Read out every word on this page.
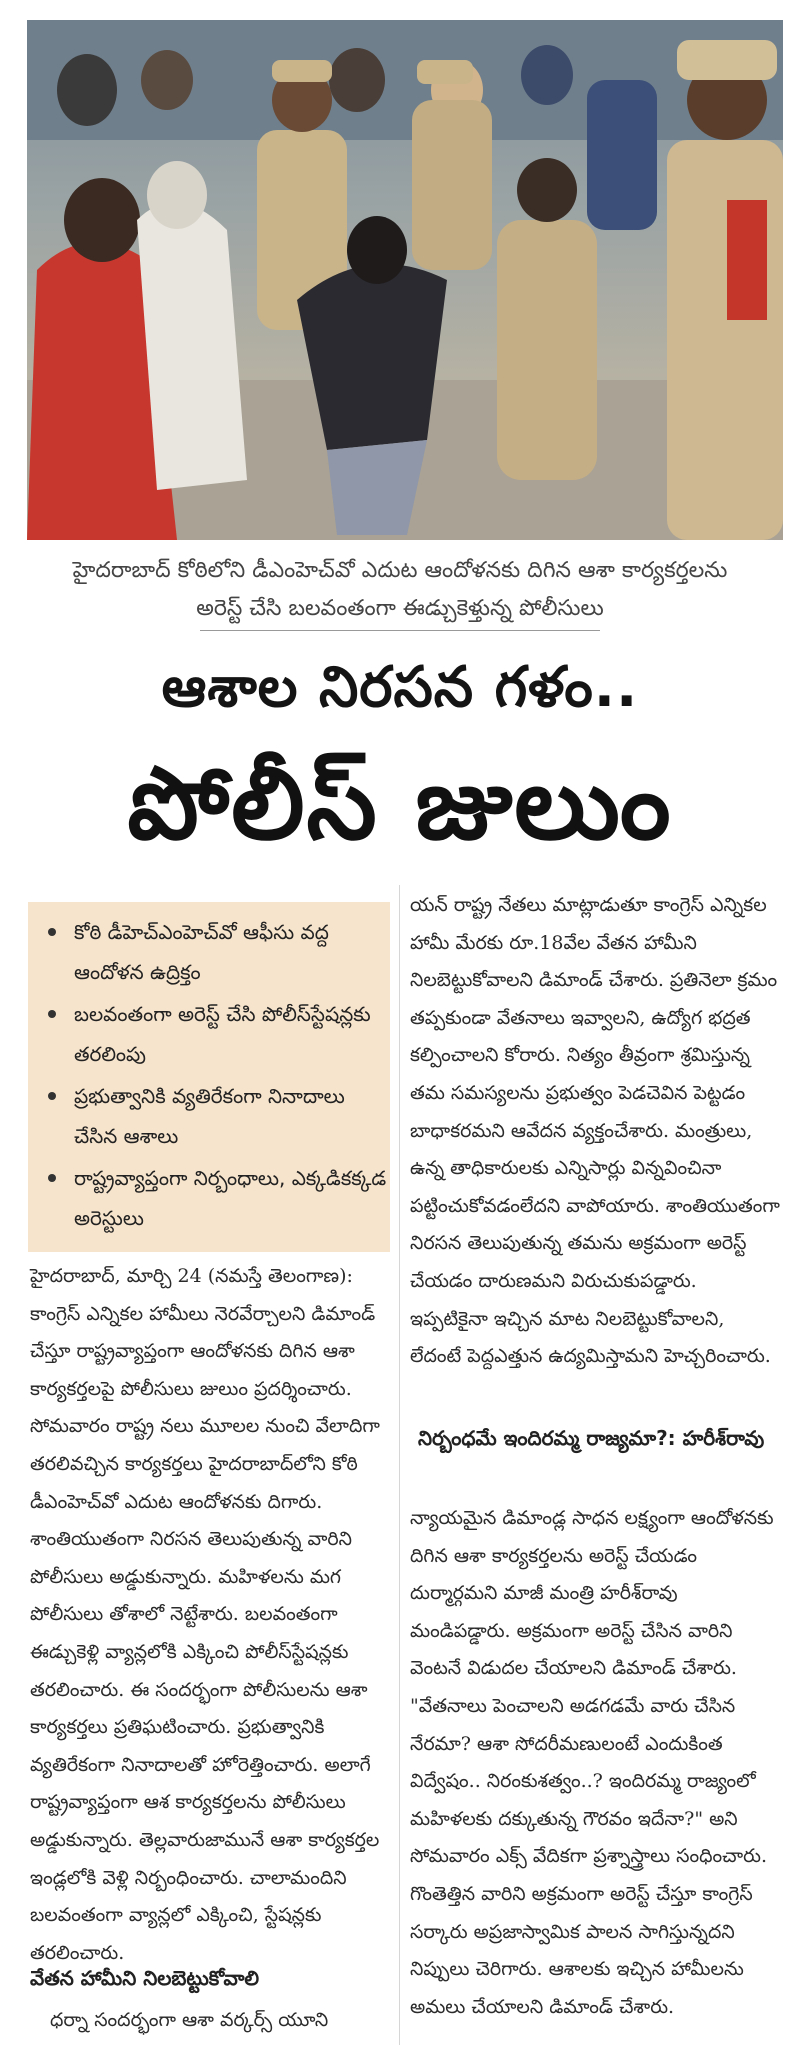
హైదరాబాద్ కోఠిలోని డీఎంహెచ్‌వో ఎదుట ఆందోళనకు దిగిన ఆశా కార్యకర్తలను
అరెస్ట్ చేసి బలవంతంగా ఈడ్చుకెళ్తున్న పోలీసులు
ఆశాల నిరసన గళం..
పోలీస్ జులుం
కోఠి డీహెచ్‌ఎంహెచ్‌వో ఆఫీసు వద్ద ఆందోళన ఉద్రిక్తం
బలవంతంగా అరెస్ట్ చేసి పోలీస్‌స్టేషన్లకు తరలింపు
ప్రభుత్వానికి వ్యతిరేకంగా నినాదాలు చేసిన ఆశాలు
రాష్ట్రవ్యాప్తంగా నిర్బంధాలు, ఎక్కడికక్కడ అరెస్టులు

హైదరాబాద్, మార్చి 24 (నమస్తే తెలంగాణ): కాంగ్రెస్ ఎన్నికల హామీలు నెరవేర్చాలని డిమాండ్ చేస్తూ రాష్ట్రవ్యాప్తంగా ఆందోళనకు దిగిన ఆశా కార్యకర్తలపై పోలీసులు జులుం ప్రదర్శించారు. సోమవారం రాష్ట్ర నలు మూలల నుంచి వేలాదిగా తరలివచ్చిన కార్యకర్తలు హైదరాబాద్‌లోని కోఠి డీఎంహెచ్‌వో ఎదుట ఆందోళనకు దిగారు. శాంతియుతంగా నిరసన తెలుపుతున్న వారిని పోలీసులు అడ్డుకున్నారు. మహిళలను మగ పోలీసులు తోశాలో నెట్టేశారు. బలవంతంగా ఈడ్చుకెళ్లి వ్యాన్లలోకి ఎక్కించి పోలీస్‌స్టేషన్లకు తరలించారు. ఈ సందర్భంగా పోలీసులను ఆశా కార్యకర్తలు ప్రతిఘటించారు. ప్రభుత్వానికి వ్యతిరేకంగా నినాదాలతో హోరెత్తించారు. అలాగే రాష్ట్రవ్యాప్తంగా ఆశ కార్యకర్తలను పోలీసులు అడ్డుకున్నారు. తెల్లవారుజామునే ఆశా కార్యకర్తల ఇండ్లలోకి వెళ్లి నిర్బంధించారు. చాలామందిని బలవంతంగా వ్యాన్లలో ఎక్కించి, స్టేషన్లకు తరలించారు.

వేతన హామీని నిలబెట్టుకోవాలి

ధర్నా సందర్భంగా ఆశా వర్కర్స్ యూని

యన్ రాష్ట్ర నేతలు మాట్లాడుతూ కాంగ్రెస్ ఎన్నికల హామీ మేరకు రూ.18వేల వేతన హామీని నిలబెట్టుకోవాలని డిమాండ్ చేశారు. ప్రతినెలా క్రమం తప్పకుండా వేతనాలు ఇవ్వాలని, ఉద్యోగ భద్రత కల్పించాలని కోరారు. నిత్యం తీవ్రంగా శ్రమిస్తున్న తమ సమస్యలను ప్రభుత్వం పెడచెవిన పెట్టడం బాధాకరమని ఆవేదన వ్యక్తంచేశారు. మంత్రులు, ఉన్న తాధికారులకు ఎన్నిసార్లు విన్నవించినా పట్టించుకోవడంలేదని వాపోయారు. శాంతియుతంగా నిరసన తెలుపుతున్న తమను అక్రమంగా అరెస్ట్ చేయడం దారుణమని విరుచుకుపడ్డారు. ఇప్పటికైనా ఇచ్చిన మాట నిలబెట్టుకోవాలని, లేదంటే పెద్దఎత్తున ఉద్యమిస్తామని హెచ్చరించారు.

నిర్బంధమే ఇందిరమ్మ రాజ్యమా?: హరీశ్‌రావు

న్యాయమైన డిమాండ్ల సాధన లక్ష్యంగా ఆందోళనకు దిగిన ఆశా కార్యకర్తలను అరెస్ట్ చేయడం దుర్మార్గమని మాజీ మంత్రి హరీశ్‌రావు మండిపడ్డారు. అక్రమంగా అరెస్ట్ చేసిన వారిని వెంటనే విడుదల చేయాలని డిమాండ్ చేశారు. "వేతనాలు పెంచాలని అడగడమే వారు చేసిన నేరమా? ఆశా సోదరీమణులంటే ఎందుకింత విద్వేషం.. నిరంకుశత్వం..? ఇందిరమ్మ రాజ్యంలో మహిళలకు దక్కుతున్న గౌరవం ఇదేనా?" అని సోమవారం ఎక్స్ వేదికగా ప్రశ్నాస్త్రాలు సంధించారు. గొంతెత్తిన వారిని అక్రమంగా అరెస్ట్ చేస్తూ కాంగ్రెస్ సర్కారు అప్రజాస్వామిక పాలన సాగిస్తున్నదని నిప్పులు చెరిగారు. ఆశాలకు ఇచ్చిన హామీలను అమలు చేయాలని డిమాండ్ చేశారు.
